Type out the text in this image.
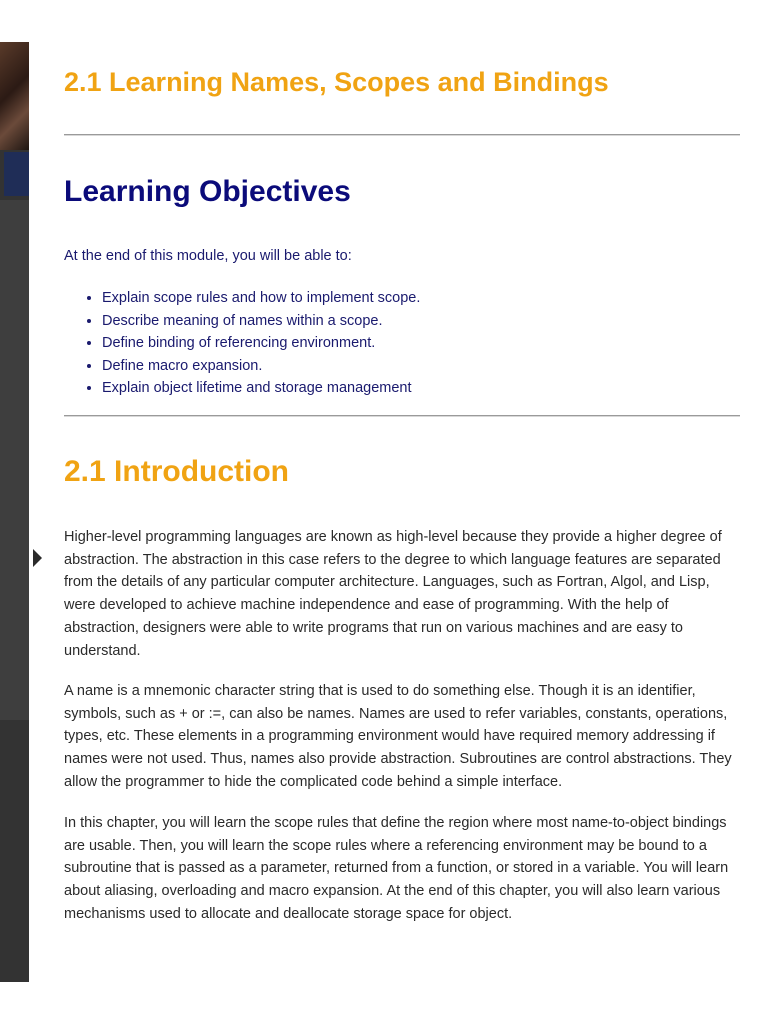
2.1 Learning Names, Scopes and Bindings
Learning Objectives

At the end of this module, you will be able to:

• Explain scope rules and how to implement scope.
• Describe meaning of names within a scope.
• Define binding of referencing environment.
• Define macro expansion.
• Explain object lifetime and storage management
2.1 Introduction

Higher-level programming languages are known as high-level because they provide a higher degree of abstraction. The abstraction in this case refers to the degree to which language features are separated from the details of any particular computer architecture. Languages, such as Fortran, Algol, and Lisp, were developed to achieve machine independence and ease of programming. With the help of abstraction, designers were able to write programs that run on various machines and are easy to understand.

A name is a mnemonic character string that is used to do something else. Though it is an identifier, symbols, such as + or :=, can also be names. Names are used to refer variables, constants, operations, types, etc. These elements in a programming environment would have required memory addressing if names were not used. Thus, names also provide abstraction. Subroutines are control abstractions. They allow the programmer to hide the complicated code behind a simple interface.

In this chapter, you will learn the scope rules that define the region where most name-to-object bindings are usable. Then, you will learn the scope rules where a referencing environment may be bound to a subroutine that is passed as a parameter, returned from a function, or stored in a variable. You will learn about aliasing, overloading and macro expansion. At the end of this chapter, you will also learn various mechanisms used to allocate and deallocate storage space for object.
